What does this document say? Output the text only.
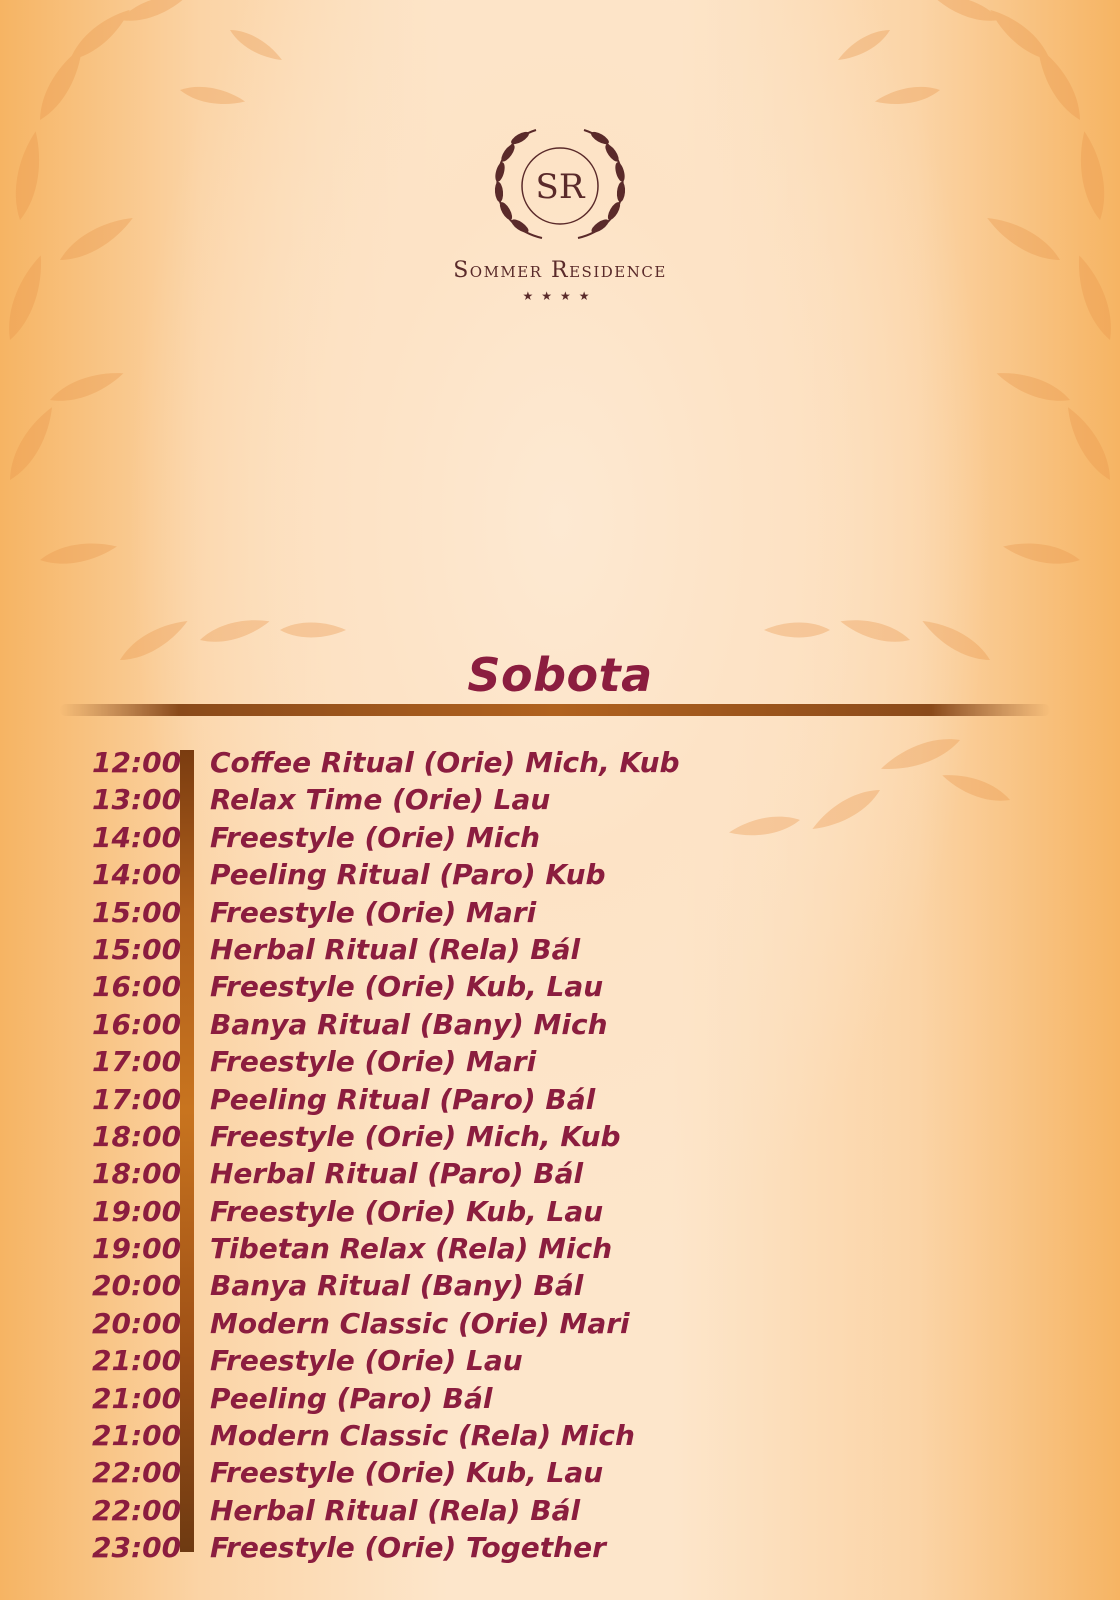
SR
Sommer Residence
★★★★
Sobota
12:00 Coffee Ritual (Orie) Mich, Kub
13:00 Relax Time (Orie) Lau
14:00 Freestyle (Orie) Mich
14:00 Peeling Ritual (Paro) Kub
15:00 Freestyle (Orie) Mari
15:00 Herbal Ritual (Rela) Bál
16:00 Freestyle (Orie) Kub, Lau
16:00 Banya Ritual (Bany) Mich
17:00 Freestyle (Orie) Mari
17:00 Peeling Ritual (Paro) Bál
18:00 Freestyle (Orie) Mich, Kub
18:00 Herbal Ritual (Paro) Bál
19:00 Freestyle (Orie) Kub, Lau
19:00 Tibetan Relax (Rela) Mich
20:00 Banya Ritual (Bany) Bál
20:00 Modern Classic (Orie) Mari
21:00 Freestyle (Orie) Lau
21:00 Peeling (Paro) Bál
21:00 Modern Classic (Rela) Mich
22:00 Freestyle (Orie) Kub, Lau
22:00 Herbal Ritual (Rela) Bál
23:00 Freestyle (Orie) Together
